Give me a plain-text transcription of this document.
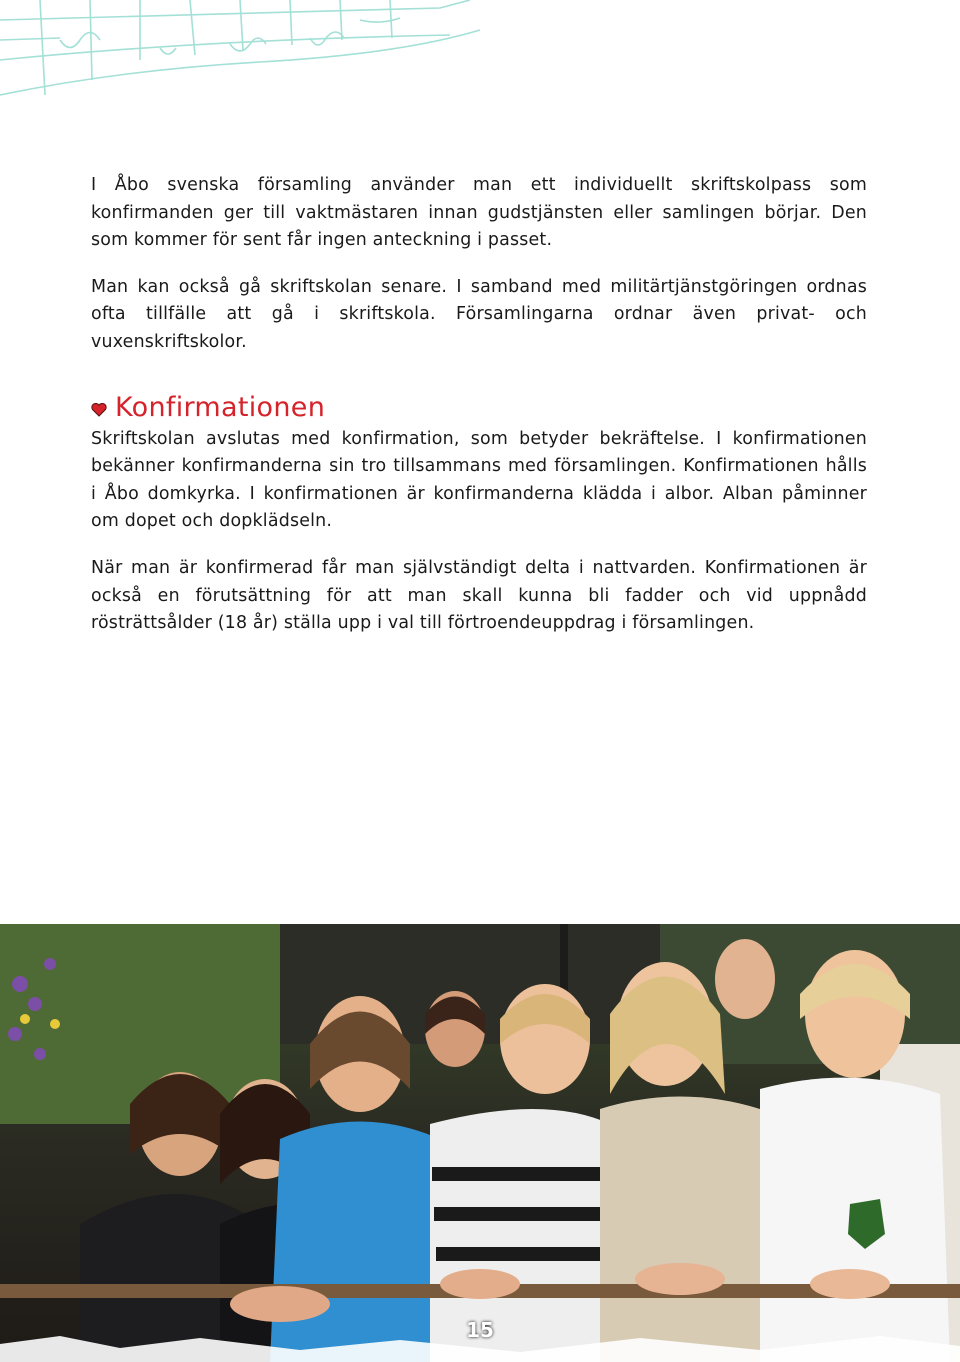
I Åbo svenska församling använder man ett individuellt skriftskolpass som konfirmanden ger till vaktmästaren innan gudstjänsten eller samlingen börjar. Den som kommer för sent får ingen anteckning i passet.

Man kan också gå skriftskolan senare. I samband med militärtjänstgöringen ordnas ofta tillfälle att gå i skriftskola. Församlingarna ordnar även privat- och vuxenskriftskolor.

Konfirmationen

Skriftskolan avslutas med konfirmation, som betyder bekräftelse. I konfirmationen bekänner konfirmanderna sin tro tillsammans med församlingen. Konfirmationen hålls i Åbo domkyrka. I konfirmationen är konfirmanderna klädda i albor. Alban påminner om dopet och dopklädseln.

När man är konfirmerad får man självständigt delta i nattvarden. Konfirmationen är också en förutsättning för att man skall kunna bli fadder och vid uppnådd rösträttsålder (18 år) ställa upp i val till förtroendeuppdrag i församlingen.

15
